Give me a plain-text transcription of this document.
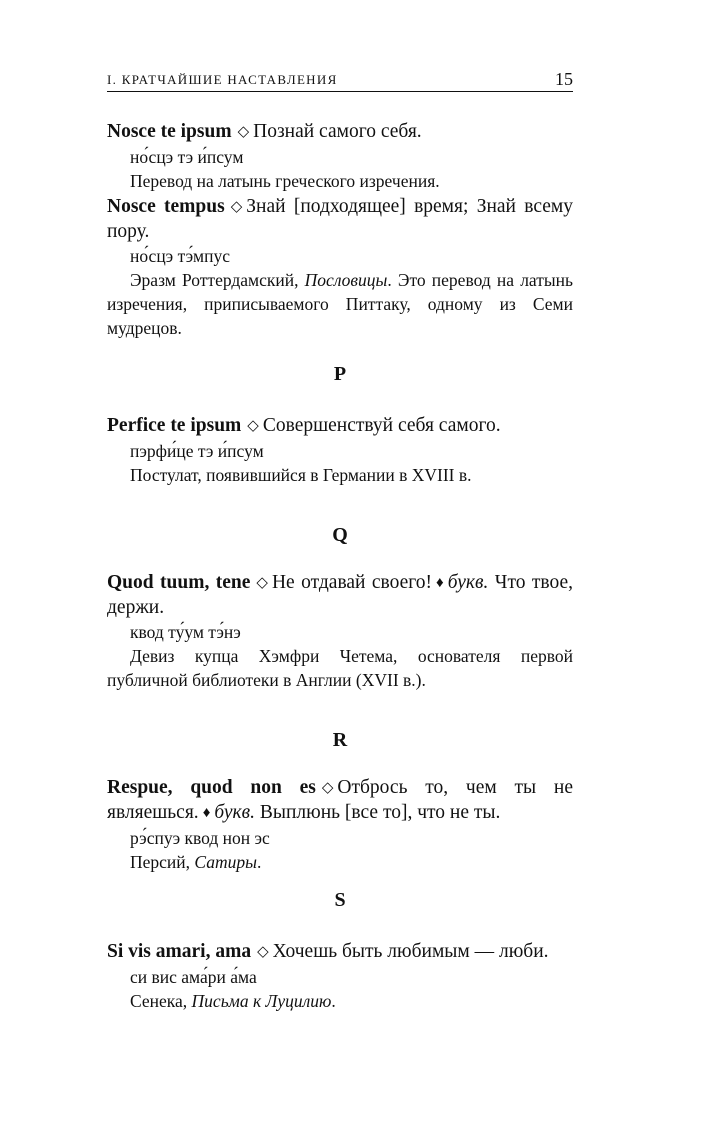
I. КРАТЧАЙШИЕ НАСТАВЛЕНИЯ	15

Nosce te ipsum ◇ Познай самого себя.

но́сцэ тэ и́псум

Перевод на латынь греческого изречения.

Nosce tempus ◇ Знай [подходящее] время; Знай всему пору.

но́сцэ тэ́мпус

Эразм Роттердамский, Пословицы. Это перевод на латынь изречения, приписываемого Питтаку, одному из Семи мудрецов.

P

Perfice te ipsum ◇ Совершенствуй себя самого.

пэрфи́це тэ и́псум

Постулат, появившийся в Германии в XVIII в.

Q

Quod tuum, tene ◇ Не отдавай своего! ♦ букв. Что твое, держи.

квод ту́ум тэ́нэ

Девиз купца Хэмфри Четема, основателя первой публичной библиотеки в Англии (XVII в.).

R

Respue, quod non es ◇ Отбрось то, чем ты не являешься. ♦ букв. Выплюнь [все то], что не ты.

рэ́спуэ квод нон эс

Персий, Сатиры.

S

Si vis amari, ama ◇ Хочешь быть любимым — люби.

си вис ама́ри а́ма

Сенека, Письма к Луцилию.
